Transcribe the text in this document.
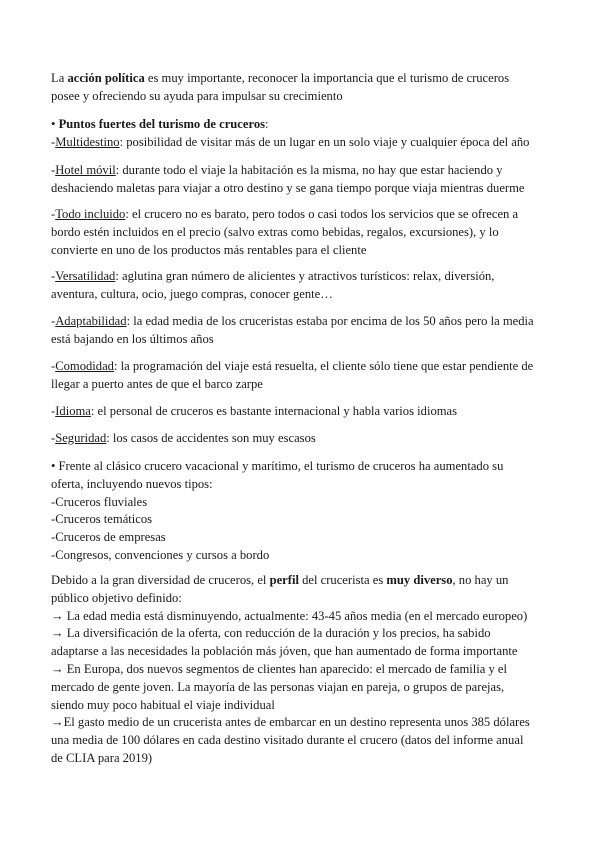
La acción política es muy importante, reconocer la importancia que el turismo de cruceros
posee y ofreciendo su ayuda para impulsar su crecimiento

• Puntos fuertes del turismo de cruceros:
-Multidestino: posibilidad de visitar más de un lugar en un solo viaje y cualquier época del año

-Hotel móvil: durante todo el viaje la habitación es la misma, no hay que estar haciendo y
deshaciendo maletas para viajar a otro destino y se gana tiempo porque viaja mientras duerme

-Todo incluido: el crucero no es barato, pero todos o casi todos los servicios que se ofrecen a
bordo estén incluidos en el precio (salvo extras como bebidas, regalos, excursiones), y lo
convierte en uno de los productos más rentables para el cliente

-Versatilidad: aglutina gran número de alicientes y atractivos turísticos: relax, diversión,
aventura, cultura, ocio, juego compras, conocer gente…

-Adaptabilidad: la edad media de los cruceristas estaba por encima de los 50 años pero la media
está bajando en los últimos años

-Comodidad: la programación del viaje está resuelta, el cliente sólo tiene que estar pendiente de
llegar a puerto antes de que el barco zarpe

-Idioma: el personal de cruceros es bastante internacional y habla varios idiomas

-Seguridad: los casos de accidentes son muy escasos

• Frente al clásico crucero vacacional y marítimo, el turismo de cruceros ha aumentado su
oferta, incluyendo nuevos tipos:
-Cruceros fluviales
-Cruceros temáticos
-Cruceros de empresas
-Congresos, convenciones y cursos a bordo

Debido a la gran diversidad de cruceros, el perfil del crucerista es muy diverso, no hay un
público objetivo definido:
→ La edad media está disminuyendo, actualmente: 43-45 años media (en el mercado europeo)
→ La diversificación de la oferta, con reducción de la duración y los precios, ha sabido
adaptarse a las necesidades la población más jóven, que han aumentado de forma importante
→ En Europa, dos nuevos segmentos de clientes han aparecido: el mercado de familia y el
mercado de gente joven. La mayoría de las personas viajan en pareja, o grupos de parejas,
siendo muy poco habitual el viaje individual
→El gasto medio de un crucerista antes de embarcar en un destino representa unos 385 dólares
una media de 100 dólares en cada destino visitado durante el crucero (datos del informe anual
de CLIA para 2019)
